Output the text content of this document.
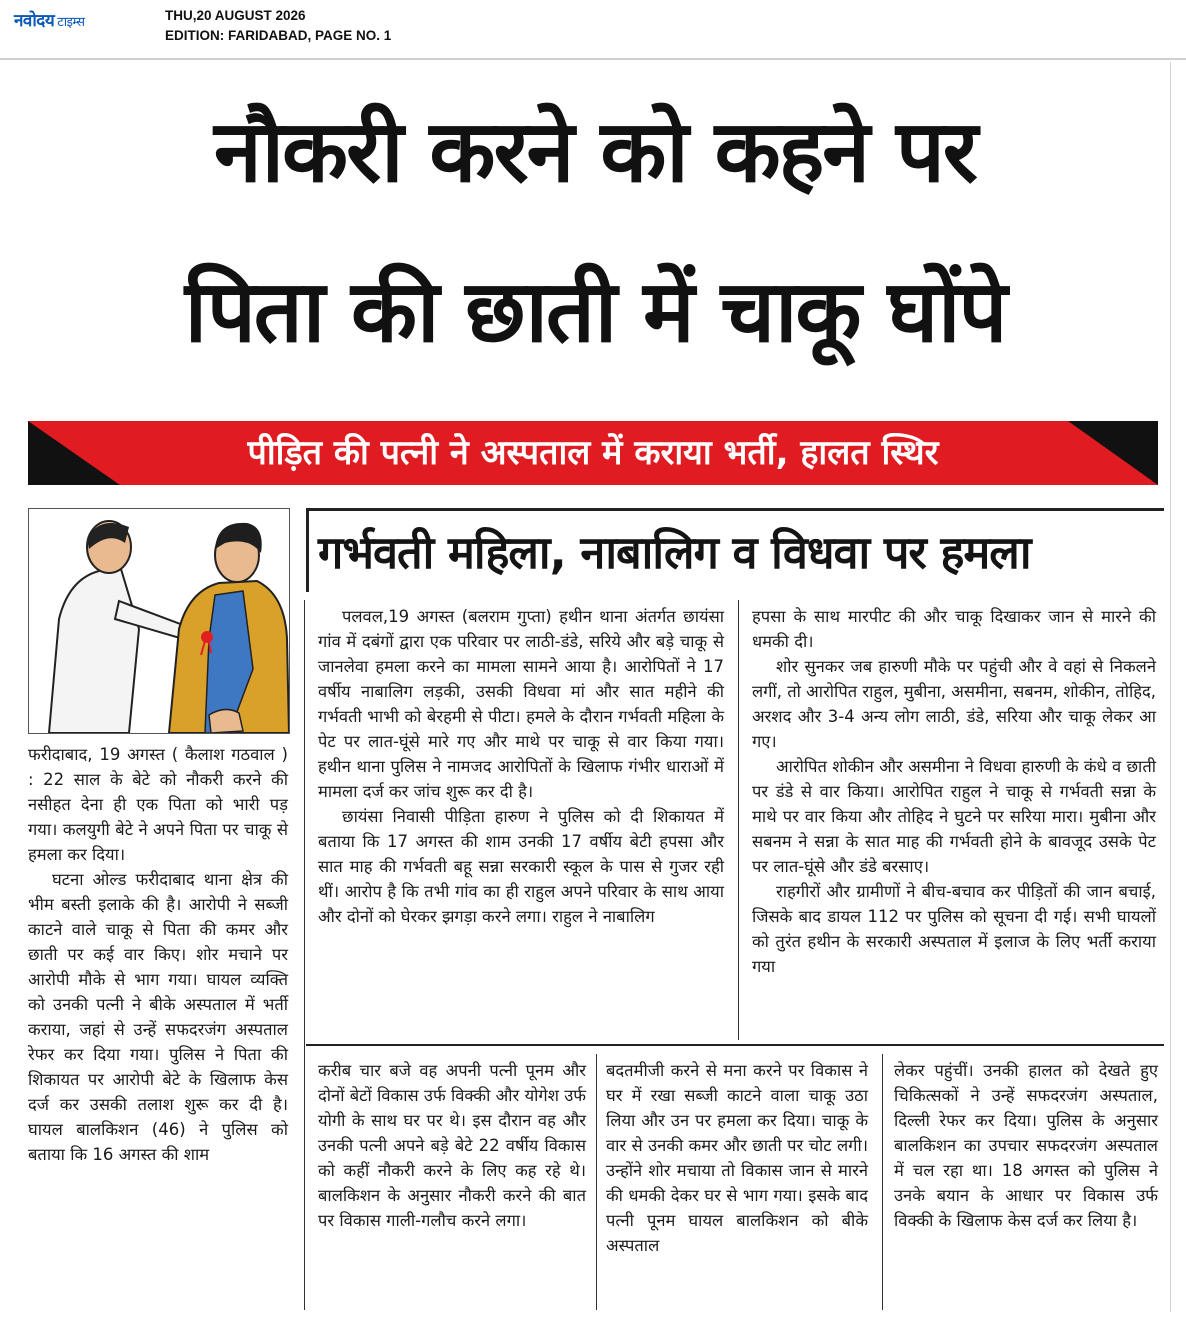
नवोदय टाइम्स	THU,20 AUGUST 2026
EDITION: FARIDABAD, PAGE NO. 1
नौकरी करने को कहने पर
पिता की छाती में चाकू घोंपे
पीड़ित की पत्नी ने अस्पताल में कराया भर्ती, हालत स्थिर
गर्भवती महिला, नाबालिग व विधवा पर हमला

फरीदाबाद, 19 अगस्त ( कैलाश गठवाल ) : 22 साल के बेटे को नौकरी करने की नसीहत देना ही एक पिता को भारी पड़ गया। कलयुगी बेटे ने अपने पिता पर चाकू से हमला कर दिया।

घटना ओल्ड फरीदाबाद थाना क्षेत्र की भीम बस्ती इलाके की है। आरोपी ने सब्जी काटने वाले चाकू से पिता की कमर और छाती पर कई वार किए। शोर मचाने पर आरोपी मौके से भाग गया। घायल व्यक्ति को उनकी पत्नी ने बीके अस्पताल में भर्ती कराया, जहां से उन्हें सफदरजंग अस्पताल रेफर कर दिया गया। पुलिस ने पिता की शिकायत पर आरोपी बेटे के खिलाफ केस दर्ज कर उसकी तलाश शुरू कर दी है। घायल बालकिशन (46) ने पुलिस को बताया कि 16 अगस्त की शाम

पलवल,19 अगस्त (बलराम गुप्ता) हथीन थाना अंतर्गत छायंसा गांव में दबंगों द्वारा एक परिवार पर लाठी-डंडे, सरिये और बड़े चाकू से जानलेवा हमला करने का मामला सामने आया है। आरोपितों ने 17 वर्षीय नाबालिग लड़की, उसकी विधवा मां और सात महीने की गर्भवती भाभी को बेरहमी से पीटा। हमले के दौरान गर्भवती महिला के पेट पर लात-घूंसे मारे गए और माथे पर चाकू से वार किया गया। हथीन थाना पुलिस ने नामजद आरोपितों के खिलाफ गंभीर धाराओं में मामला दर्ज कर जांच शुरू कर दी है।

छायंसा निवासी पीड़िता हारुण ने पुलिस को दी शिकायत में बताया कि 17 अगस्त की शाम उनकी 17 वर्षीय बेटी हपसा और सात माह की गर्भवती बहू सन्ना सरकारी स्कूल के पास से गुजर रही थीं। आरोप है कि तभी गांव का ही राहुल अपने परिवार के साथ आया और दोनों को घेरकर झगड़ा करने लगा। राहुल ने नाबालिग

हपसा के साथ मारपीट की और चाकू दिखाकर जान से मारने की धमकी दी।

शोर सुनकर जब हारुणी मौके पर पहुंची और वे वहां से निकलने लगीं, तो आरोपित राहुल, मुबीना, असमीना, सबनम, शोकीन, तोहिद, अरशद और 3-4 अन्य लोग लाठी, डंडे, सरिया और चाकू लेकर आ गए।

आरोपित शोकीन और असमीना ने विधवा हारुणी के कंधे व छाती पर डंडे से वार किया। आरोपित राहुल ने चाकू से गर्भवती सन्ना के माथे पर वार किया और तोहिद ने घुटने पर सरिया मारा। मुबीना और सबनम ने सन्ना के सात माह की गर्भवती होने के बावजूद उसके पेट पर लात-घूंसे और डंडे बरसाए।

राहगीरों और ग्रामीणों ने बीच-बचाव कर पीड़ितों की जान बचाई, जिसके बाद डायल 112 पर पुलिस को सूचना दी गई। सभी घायलों को तुरंत हथीन के सरकारी अस्पताल में इलाज के लिए भर्ती कराया गया

करीब चार बजे वह अपनी पत्नी पूनम और दोनों बेटों विकास उर्फ विक्की और योगेश उर्फ योगी के साथ घर पर थे। इस दौरान वह और उनकी पत्नी अपने बड़े बेटे 22 वर्षीय विकास को कहीं नौकरी करने के लिए कह रहे थे। बालकिशन के अनुसार नौकरी करने की बात पर विकास गाली-गलौच करने लगा।

बदतमीजी करने से मना करने पर विकास ने घर में रखा सब्जी काटने वाला चाकू उठा लिया और उन पर हमला कर दिया। चाकू के वार से उनकी कमर और छाती पर चोट लगी। उन्होंने शोर मचाया तो विकास जान से मारने की धमकी देकर घर से भाग गया। इसके बाद पत्नी पूनम घायल बालकिशन को बीके अस्पताल

लेकर पहुंचीं। उनकी हालत को देखते हुए चिकित्सकों ने उन्हें सफदरजंग अस्पताल, दिल्ली रेफर कर दिया। पुलिस के अनुसार बालकिशन का उपचार सफदरजंग अस्पताल में चल रहा था। 18 अगस्त को पुलिस ने उनके बयान के आधार पर विकास उर्फ विक्की के खिलाफ केस दर्ज कर लिया है।
